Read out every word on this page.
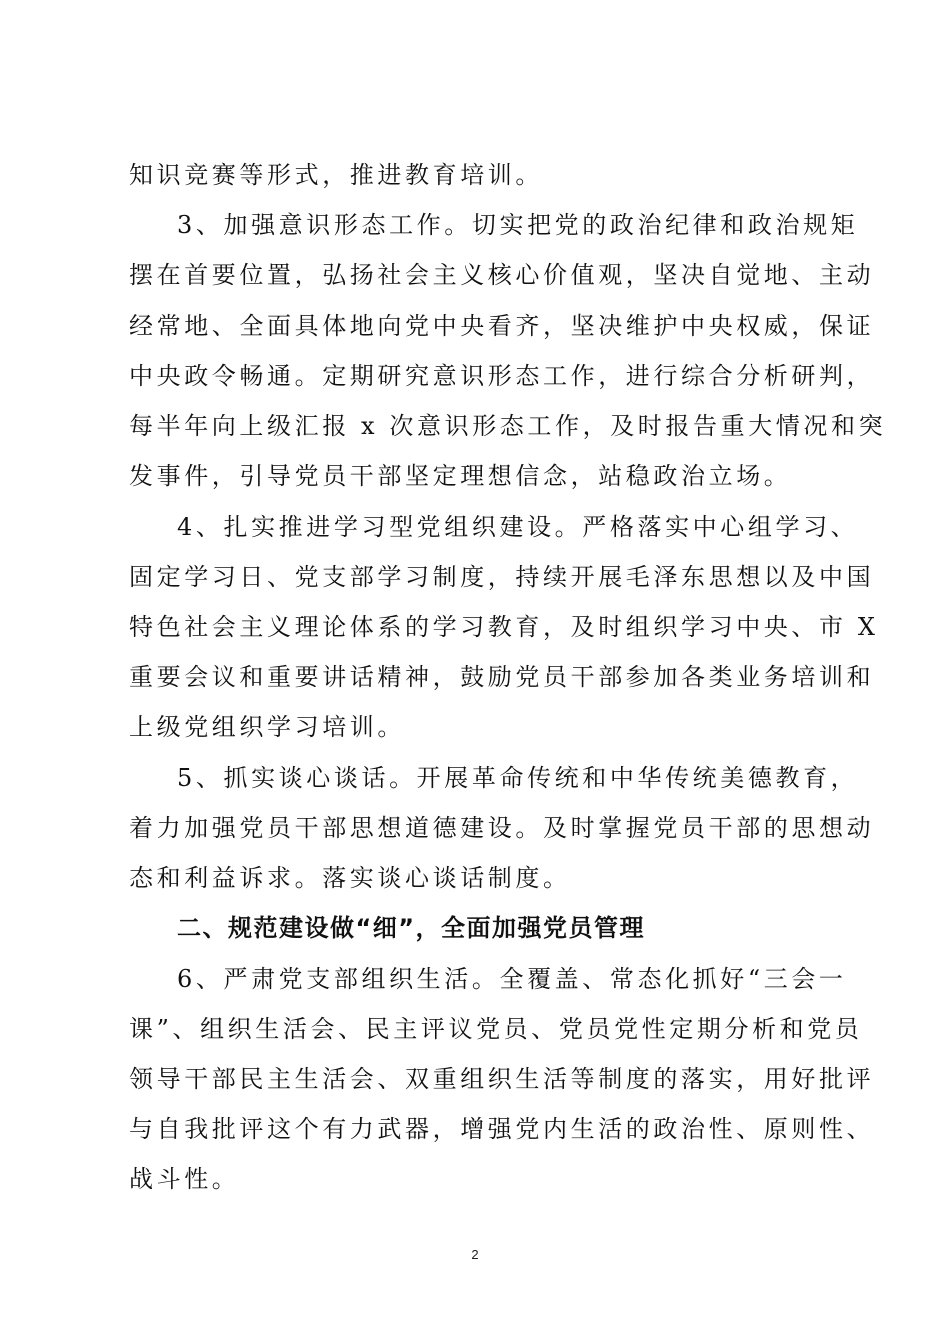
知识竞赛等形式，推进教育培训。
3、加强意识形态工作。切实把党的政治纪律和政治规矩
摆在首要位置，弘扬社会主义核心价值观，坚决自觉地、主动
经常地、全面具体地向党中央看齐，坚决维护中央权威，保证
中央政令畅通。定期研究意识形态工作，进行综合分析研判，
每半年向上级汇报 x 次意识形态工作，及时报告重大情况和突
发事件，引导党员干部坚定理想信念，站稳政治立场。
4、扎实推进学习型党组织建设。严格落实中心组学习、
固定学习日、党支部学习制度，持续开展毛泽东思想以及中国
特色社会主义理论体系的学习教育，及时组织学习中央、市 X
重要会议和重要讲话精神，鼓励党员干部参加各类业务培训和
上级党组织学习培训。
5、抓实谈心谈话。开展革命传统和中华传统美德教育，
着力加强党员干部思想道德建设。及时掌握党员干部的思想动
态和利益诉求。落实谈心谈话制度。
二、规范建设做“细”，全面加强党员管理
6、严肃党支部组织生活。全覆盖、常态化抓好“三会一
课”、组织生活会、民主评议党员、党员党性定期分析和党员
领导干部民主生活会、双重组织生活等制度的落实，用好批评
与自我批评这个有力武器，增强党内生活的政治性、原则性、
战斗性。
2
